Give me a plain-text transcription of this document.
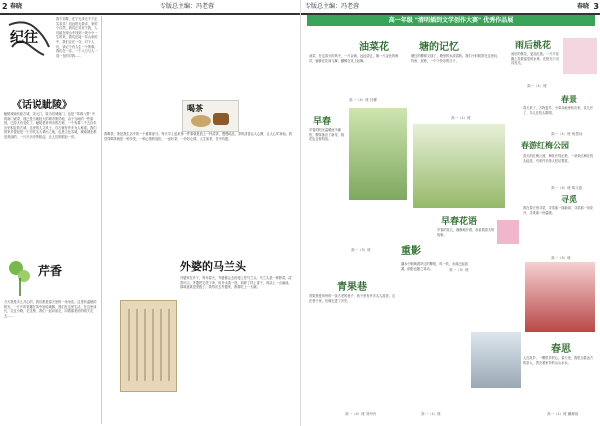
2 春晓	专版总主编：冯老蓉
纪往
我不初要，在宁无求无不下正实求乐！初远的无我求，来的个自然，我们正对应于我，人们能在深山中找到一块小小一生的来，我们正接一浮山泉的中，我们正在一夺，对于人们，请记于有人生一个的事。我们在一浮，一个人与与人一同一在的对我……
《话说眦陵》
眦陵城南有座古城，宋元门，原为旧城南门，也是 "常城八景" 中的南门遥望，现已是当地较大的城市集贸地，由于当地的一些原因，已经大有变化了。眦陵是常州市的古称，一个有着二千五百年历史积淀的古城，这里的人文风土，自古就有许多为人称道。我们的家乡曾经是一个历代名人辈出之地，也是文化名城，城南城北都是美丽的，一片片历史的积淀，让人们的眼前一亮。
芹香
今天我是多么开心的，我们都是春天里的一朵朵花。这里有温暖的阳光，一片片的花瓣在风中轻轻地飘，我们在这里生活，在这里成长，走过小路，走过桥，我们一起向前走，向着那美好的明天走去……
喝茶
我喝茶，茶是我生活中的一个重要部分。每天早上起来第一件事就是泡上一杯清茶，慢慢地品，茶的清香沁人心脾，让人心旷神怡。我觉得喝茶就是一种享受，一种心情的放松。一壶好茶，一份好心情，人生如茶，苦中有甜。
外婆的马兰头
外婆家在乡下，每年春天，外婆都会去田埂上挖马兰头。马兰头是一种野菜，清香可口。外婆把它洗干净，用开水烫一烫，切碎了拌上香干，再浇上一点麻油，那味道真是美极了。我每次去外婆家，都要吃上一大碗。
专版总主编：冯老蓉	春晓 3
高一年级 "清明插到文学创作大赛" 优秀作品展
油菜花
油菜，在这春天的风中，一片金黄。远远望去，像一片金色的海洋，蜜蜂在花间飞舞，蝴蝶在花上起舞。
高一（4）班 吕柳
塘的记忆
塘边的柳树又绿了，塘里的水清清的。我们小时候常在这里玩，钓鱼、捉虾，一个个快乐的日子。
高一（1）班
雨后桃花
雨后的桃花，更加红艳。一片片花瓣上挂着晶莹的水珠，在阳光下闪闪发光。
高一（1）班
春景
春天来了，万物复苏，小草从地里钻出来，花儿开了，鸟儿在枝头歌唱。
高一（1）班 杨思诗
春游红梅公园
春天的红梅公园，梅花开得正艳，一朵朵红梅在枝头绽放，引来许多游人驻足观赏。
高一（5）班 陈文彪
早春
早春的阳光温暖而不燥热，柳条抽出了新芽，桃花也含苞待放。
高一（3）班
早春花语
早春的花儿，静静地开着，诉说着春天的故事。
高一（3）班
重影
湖水中倒映着岸边的柳树，风一吹，水面泛起涟漪，倒影也随之晃动。
高一（1）班
青果巷
青果巷是常州的一条古老的巷子，巷子里有许多名人故居，走在巷子里，仿佛走进了历史。
高一（4）班 刘丹丹
寻觅
我在春天里寻觅，寻觅那一抹新绿，寻觅那一朵花开，寻觅那一份温暖。
高一（5）班
春思
人在故乡，一颗思乡的心。春天里，我思念着远方的亲人，思念着家乡的山山水水。
高一（1）班 戴修韵
